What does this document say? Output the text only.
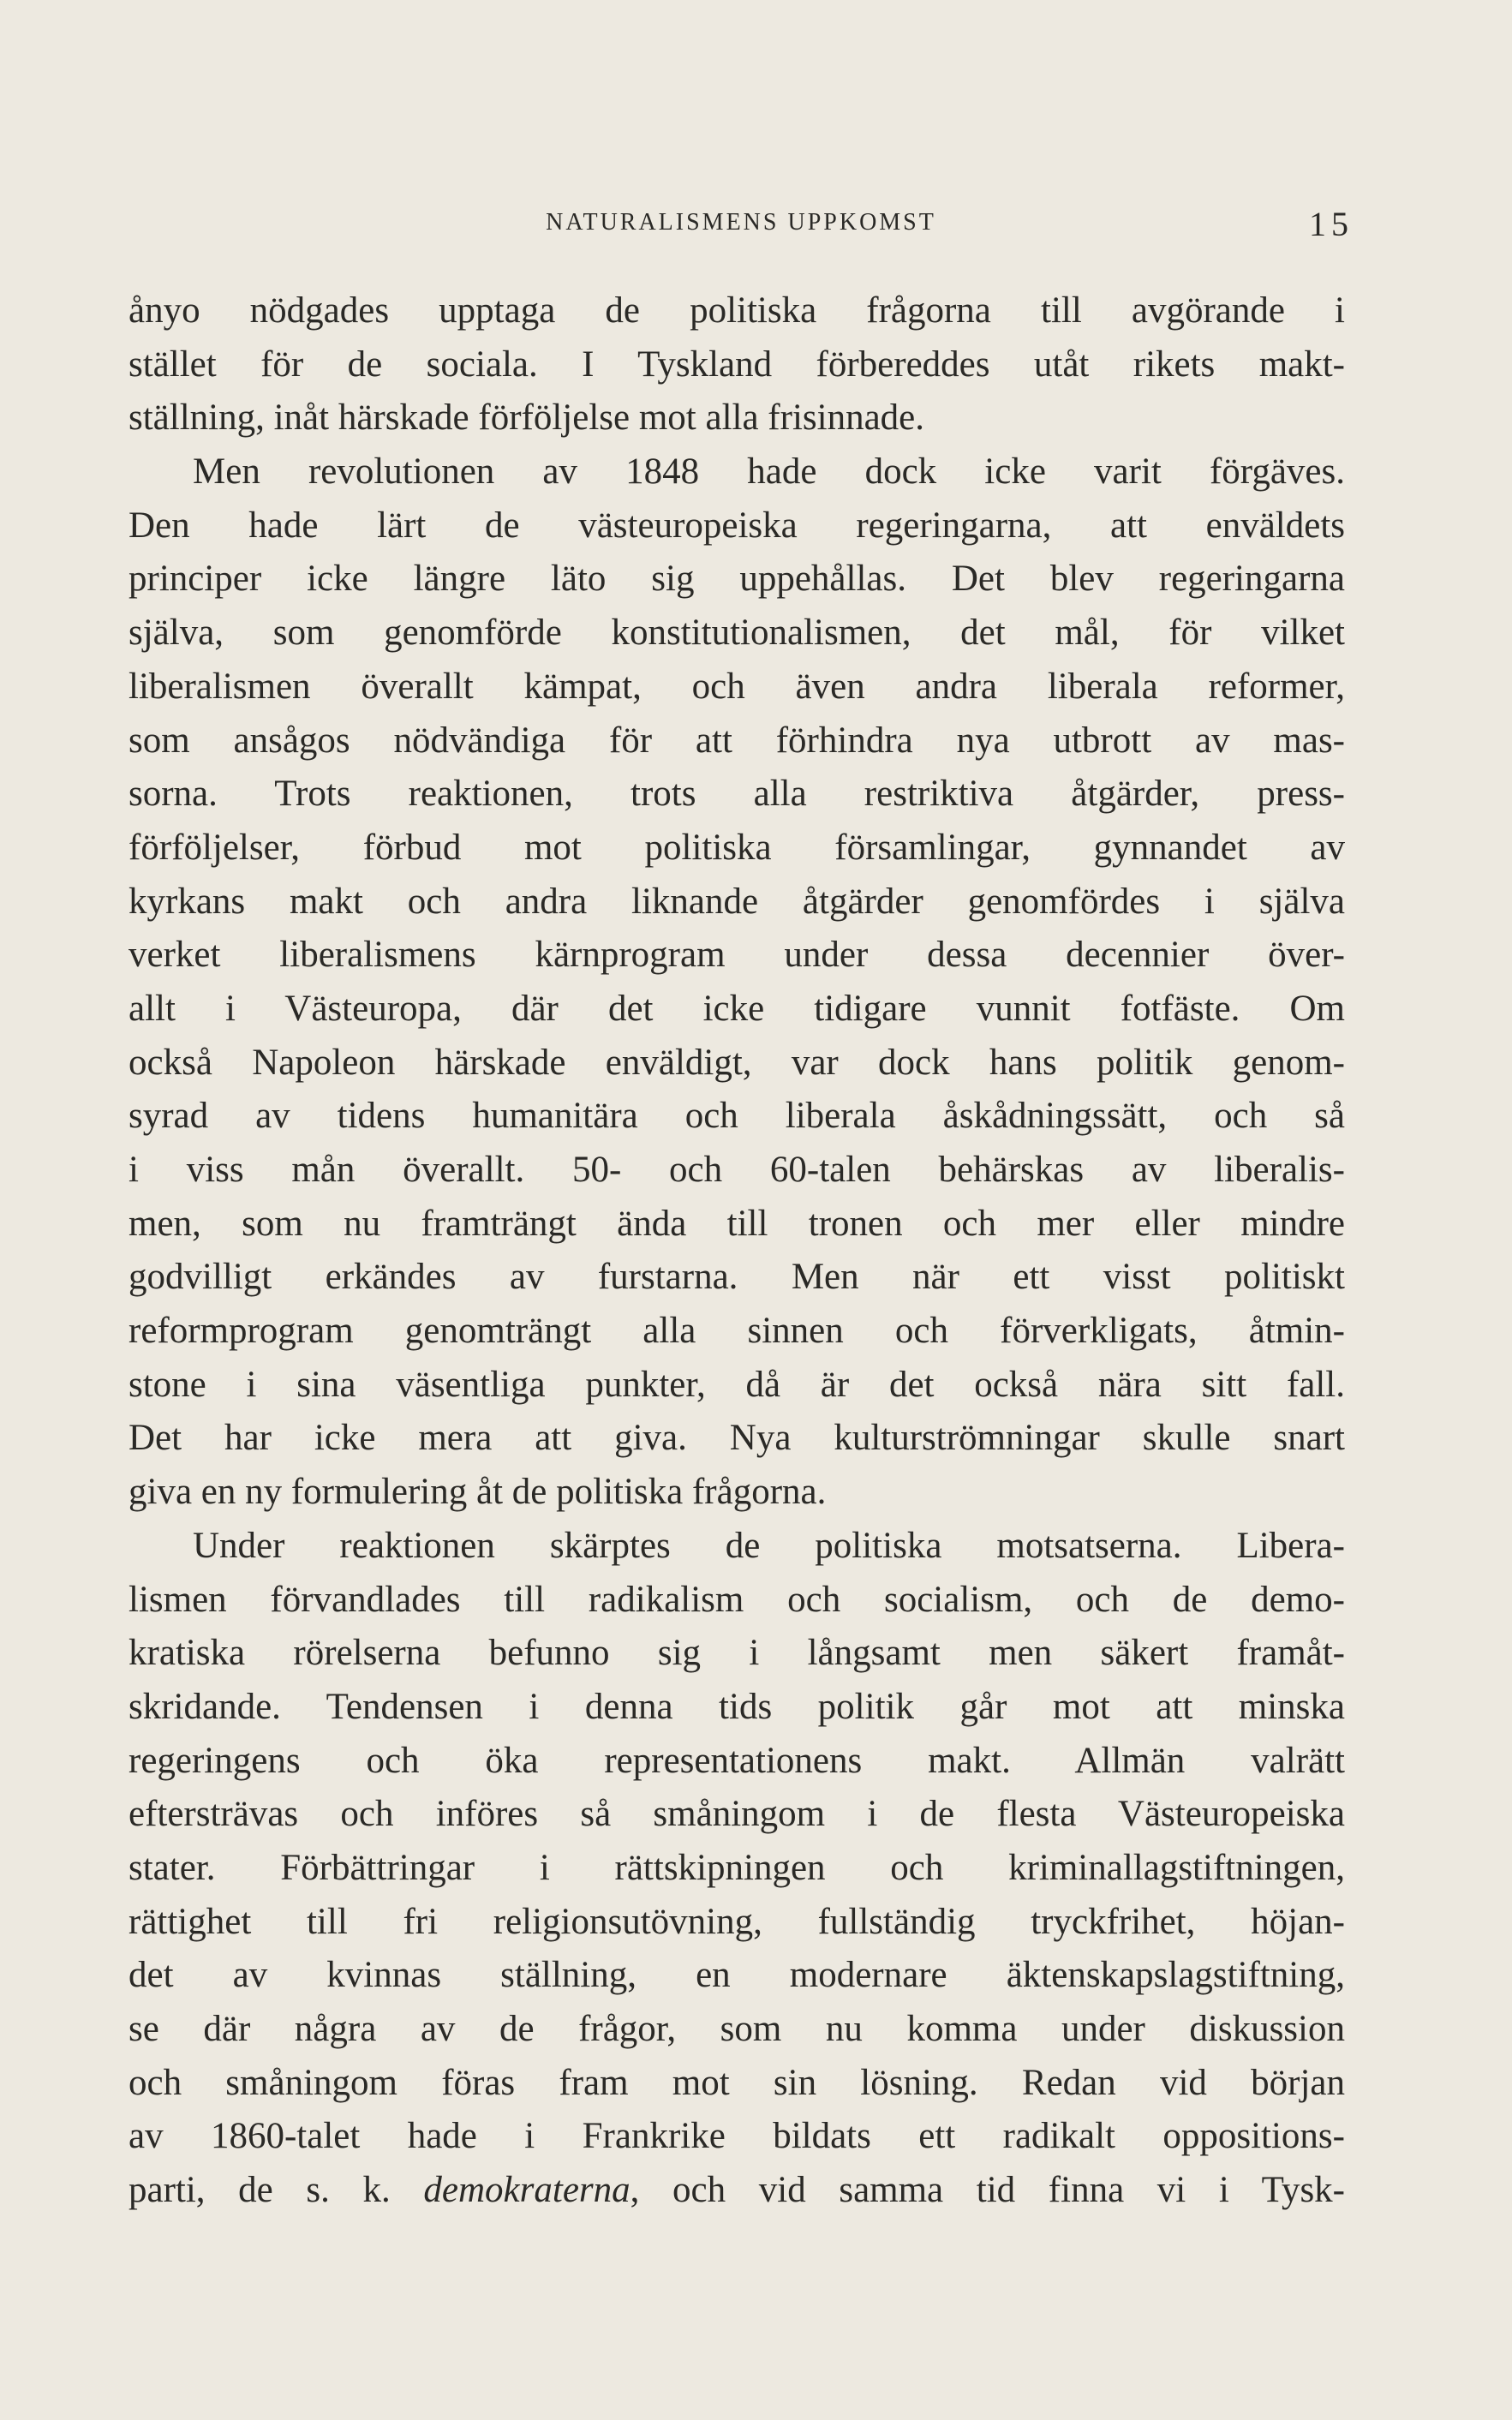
NATURALISMENS UPPKOMST	15
ånyo nödgades upptaga de politiska frågorna till avgörande i
stället för de sociala. I Tyskland förbereddes utåt rikets makt-
ställning, inåt härskade förföljelse mot alla frisinnade.
Men revolutionen av 1848 hade dock icke varit förgäves.
Den hade lärt de västeuropeiska regeringarna, att enväldets
principer icke längre läto sig uppehållas. Det blev regeringarna
själva, som genomförde konstitutionalismen, det mål, för vilket
liberalismen överallt kämpat, och även andra liberala reformer,
som ansågos nödvändiga för att förhindra nya utbrott av mas-
sorna. Trots reaktionen, trots alla restriktiva åtgärder, press-
förföljelser, förbud mot politiska församlingar, gynnandet av
kyrkans makt och andra liknande åtgärder genomfördes i själva
verket liberalismens kärnprogram under dessa decennier över-
allt i Västeuropa, där det icke tidigare vunnit fotfäste. Om
också Napoleon härskade enväldigt, var dock hans politik genom-
syrad av tidens humanitära och liberala åskådningssätt, och så
i viss mån överallt. 50- och 60-talen behärskas av liberalis-
men, som nu framträngt ända till tronen och mer eller mindre
godvilligt erkändes av furstarna. Men när ett visst politiskt
reformprogram genomträngt alla sinnen och förverkligats, åtmin-
stone i sina väsentliga punkter, då är det också nära sitt fall.
Det har icke mera att giva. Nya kulturströmningar skulle snart
giva en ny formulering åt de politiska frågorna.
Under reaktionen skärptes de politiska motsatserna. Libera-
lismen förvandlades till radikalism och socialism, och de demo-
kratiska rörelserna befunno sig i långsamt men säkert framåt-
skridande. Tendensen i denna tids politik går mot att minska
regeringens och öka representationens makt. Allmän valrätt
eftersträvas och införes så småningom i de flesta Västeuropeiska
stater. Förbättringar i rättskipningen och kriminallagstiftningen,
rättighet till fri religionsutövning, fullständig tryckfrihet, höjan-
det av kvinnas ställning, en modernare äktenskapslagstiftning,
se där några av de frågor, som nu komma under diskussion
och småningom föras fram mot sin lösning. Redan vid början
av 1860-talet hade i Frankrike bildats ett radikalt oppositions-
parti, de s. k. demokraterna, och vid samma tid finna vi i Tysk-
